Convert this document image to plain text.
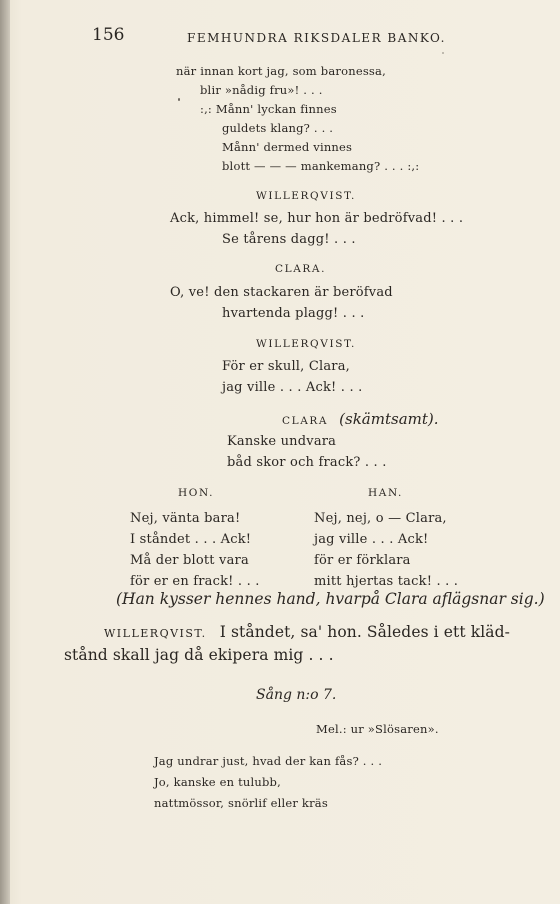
156	FEMHUNDRA RIKSDALER BANKO.
när innan kort jag, som baronessa,
blir »nådig fru»! . . .
:,: Månn' lyckan finnes
guldets klang? . . .
Månn' dermed vinnes
blott — — — mankemang? . . . :,:
WILLERQVIST.
Ack, himmel! se, hur hon är bedröfvad! . . .
Se tårens dagg! . . .
CLARA.
O, ve! den stackaren är beröfvad
hvartenda plagg! . . .
WILLERQVIST.
För er skull, Clara,
jag ville . . . Ack! . . .
CLARA (skämtsamt).
Kanske undvara
båd skor och frack? . . .
HON.	HAN.
Nej, vänta bara!
I ståndet . . . Ack!
Må der blott vara
för er en frack! . . .
Nej, nej, o — Clara,
jag ville . . . Ack!
för er förklara
mitt hjertas tack! . . .
(Han kysser hennes hand, hvarpå Clara aflägsnar sig.)
WILLERQVIST. I ståndet, sa' hon. Således i ett kläd-
stånd skall jag då ekipera mig . . .
Sång n:o 7.
Mel.: ur »Slösaren».
Jag undrar just, hvad der kan fås? . . .
Jo, kanske en tulubb,
nattmössor, snörlif eller kräs
